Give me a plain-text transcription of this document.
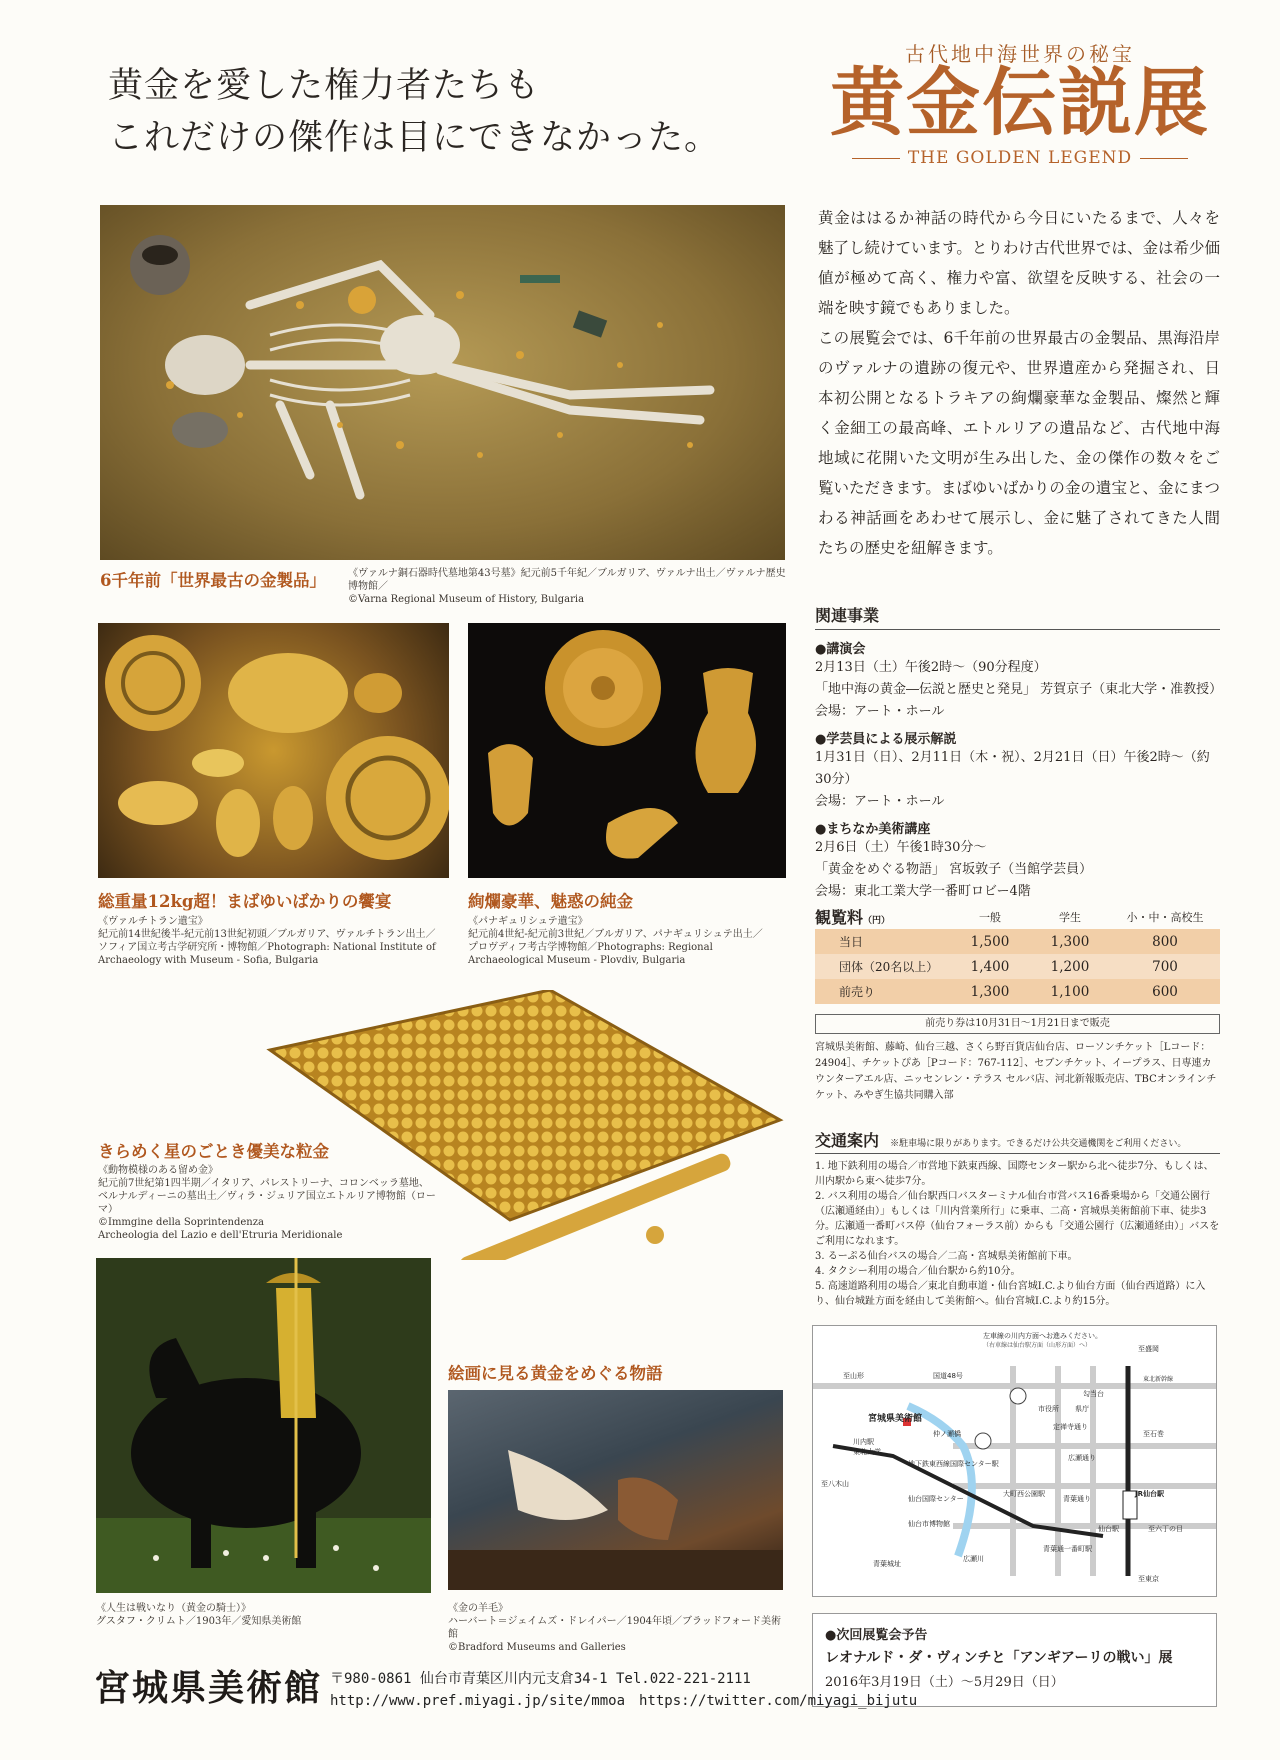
黄金を愛した権力者たちも
これだけの傑作は目にできなかった。
古代地中海世界の秘宝
黄金伝説展
THE GOLDEN LEGEND
黄金ははるか神話の時代から今日にいたるまで、人々を魅了し続けています。とりわけ古代世界では、金は希少価値が極めて高く、権力や富、欲望を反映する、社会の一端を映す鏡でもありました。
この展覧会では、6千年前の世界最古の金製品、黒海沿岸のヴァルナの遺跡の復元や、世界遺産から発掘され、日本初公開となるトラキアの絢爛豪華な金製品、燦然と輝く金細工の最高峰、エトルリアの遺品など、古代地中海地域に花開いた文明が生み出した、金の傑作の数々をご覧いただきます。まばゆいばかりの金の遺宝と、金にまつわる神話画をあわせて展示し、金に魅了されてきた人間たちの歴史を紐解きます。
6千年前「世界最古の金製品」 《ヴァルナ銅石器時代墓地第43号墓》紀元前5千年紀／ブルガリア、ヴァルナ出土／ヴァルナ歴史博物館／
©Varna Regional Museum of History, Bulgaria
総重量12kg超！まばゆいばかりの饗宴
《ヴァルチトラン遺宝》
紀元前14世紀後半-紀元前13世紀初頭／ブルガリア、ヴァルチトラン出土／
ソフィア国立考古学研究所・博物館／Photograph: National Institute of
Archaeology with Museum - Sofia, Bulgaria
絢爛豪華、魅惑の純金
《パナギュリシュテ遺宝》
紀元前4世紀-紀元前3世紀／ブルガリア、パナギュリシュテ出土／
プロヴディフ考古学博物館／Photographs: Regional
Archaeological Museum - Plovdiv, Bulgaria
きらめく星のごとき優美な粒金
《動物模様のある留め金》
紀元前7世紀第1四半期／イタリア、パレストリーナ、コロンベッラ墓地、
ベルナルディーニの墓出土／ヴィラ・ジュリア国立エトルリア博物館（ローマ）
©Immgine della Soprintendenza
Archeologia del Lazio e dell'Etruria Meridionale
絵画に見る黄金をめぐる物語
《人生は戦いなり（黄金の騎士）》
グスタフ・クリムト／1903年／愛知県美術館
《金の羊毛》
ハーバート＝ジェイムズ・ドレイパー／1904年頃／ブラッドフォード美術館
©Bradford Museums and Galleries
関連事業
●講演会
2月13日（土）午後2時～（90分程度）
「地中海の黄金―伝説と歴史と発見」 芳賀京子（東北大学・准教授）
会場：アート・ホール
●学芸員による展示解説
1月31日（日）、2月11日（木・祝）、2月21日（日）午後2時～（約30分）
会場：アート・ホール
●まちなか美術講座
2月6日（土）午後1時30分～
「黄金をめぐる物語」 宮坂敦子（当館学芸員）
会場：東北工業大学一番町ロビー4階
観覧料（円）	一般	学生	小・中・高校生
当日	1,500	1,300	800
団体（20名以上）	1,400	1,200	700
前売り	1,300	1,100	600
前売り券は10月31日～1月21日まで販売
宮城県美術館、藤崎、仙台三越、さくら野百貨店仙台店、ローソンチケット［Lコード：24904］、チケットぴあ［Pコード：767-112］、セブンチケット、イープラス、日専連カウンターアエル店、ニッセンレン・テラス セルバ店、河北新報販売店、TBCオンラインチケット、みやぎ生協共同購入部
交通案内 ※駐車場に限りがあります。できるだけ公共交通機関をご利用ください。
1. 地下鉄利用の場合／市営地下鉄東西線、国際センター駅から北へ徒歩7分、もしくは、川内駅から東へ徒歩7分。
2. バス利用の場合／仙台駅西口バスターミナル仙台市営バス16番乗場から「交通公園行（広瀬通経由）」もしくは「川内営業所行」に乗車、二高・宮城県美術館前下車、徒歩3分。広瀬通一番町バス停（仙台フォーラス前）からも「交通公園行（広瀬通経由）」バスをご利用になれます。
3. るーぷる仙台バスの場合／二高・宮城県美術館前下車。
4. タクシー利用の場合／仙台駅から約10分。
5. 高速道路利用の場合／東北自動車道・仙台宮城I.C.より仙台方面（仙台西道路）に入り、仙台城趾方面を経由して美術館へ。仙台宮城I.C.より約15分。
左車線の川内方面へお進みください。
（右車線は仙台駅方面（山形方面）へ）
宮城県美術館
川内駅
東北大学
地下鉄東西線国際センター駅
仙台国際センター
仙台市博物館
青葉城址
広瀬川
仲ノ瀬橋
至山形	国道48号
大町西公園駅
青葉通一番町駅
JR仙台駅
仙台駅
市役所 県庁
定禅寺通り
広瀬通り
青葉通り
至盛岡
東北新幹線
至石巻
至東京
至六丁の目
至八木山
勾当台
●次回展覧会予告
レオナルド・ダ・ヴィンチと「アンギアーリの戦い」展
2016年3月19日（土）～5月29日（日）
宮城県美術館 〒980-0861 仙台市青葉区川内元支倉34-1 Tel.022-221-2111
http://www.pref.miyagi.jp/site/mmoa　https://twitter.com/miyagi_bijutu
